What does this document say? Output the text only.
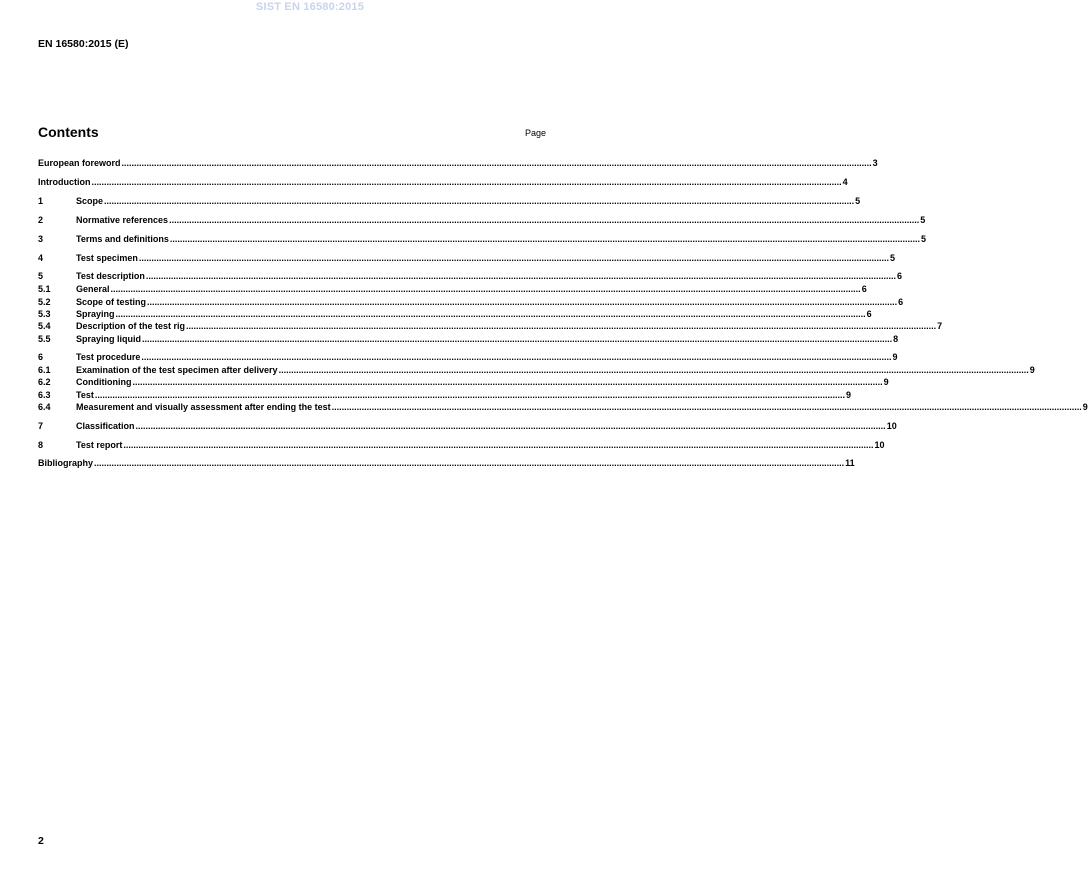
SIST EN 16580:2015
EN 16580:2015 (E)
Contents	Page
European foreword ............................................................................................................................................................................................................................................................................................................ 3
Introduction ............................................................................................................................................................................................................................................................................................................ 4
1	Scope ............................................................................................................................................................................................................................................................................................................ 5
2	Normative references ............................................................................................................................................................................................................................................................................................................ 5
3	Terms and definitions ............................................................................................................................................................................................................................................................................................................ 5
4	Test specimen ............................................................................................................................................................................................................................................................................................................ 5
5	Test description ............................................................................................................................................................................................................................................................................................................ 6
5.1	General ............................................................................................................................................................................................................................................................................................................ 6
5.2	Scope of testing ............................................................................................................................................................................................................................................................................................................ 6
5.3	Spraying ............................................................................................................................................................................................................................................................................................................ 6
5.4	Description of the test rig ............................................................................................................................................................................................................................................................................................................ 7
5.5	Spraying liquid ............................................................................................................................................................................................................................................................................................................ 8
6	Test procedure ............................................................................................................................................................................................................................................................................................................ 9
6.1	Examination of the test specimen after delivery ............................................................................................................................................................................................................................................................................................................ 9
6.2	Conditioning ............................................................................................................................................................................................................................................................................................................ 9
6.3	Test ............................................................................................................................................................................................................................................................................................................ 9
6.4	Measurement and visually assessment after ending the test ............................................................................................................................................................................................................................................................................................................ 9
7	Classification ............................................................................................................................................................................................................................................................................................................ 10
8	Test report ............................................................................................................................................................................................................................................................................................................ 10
Bibliography ............................................................................................................................................................................................................................................................................................................ 11
2
